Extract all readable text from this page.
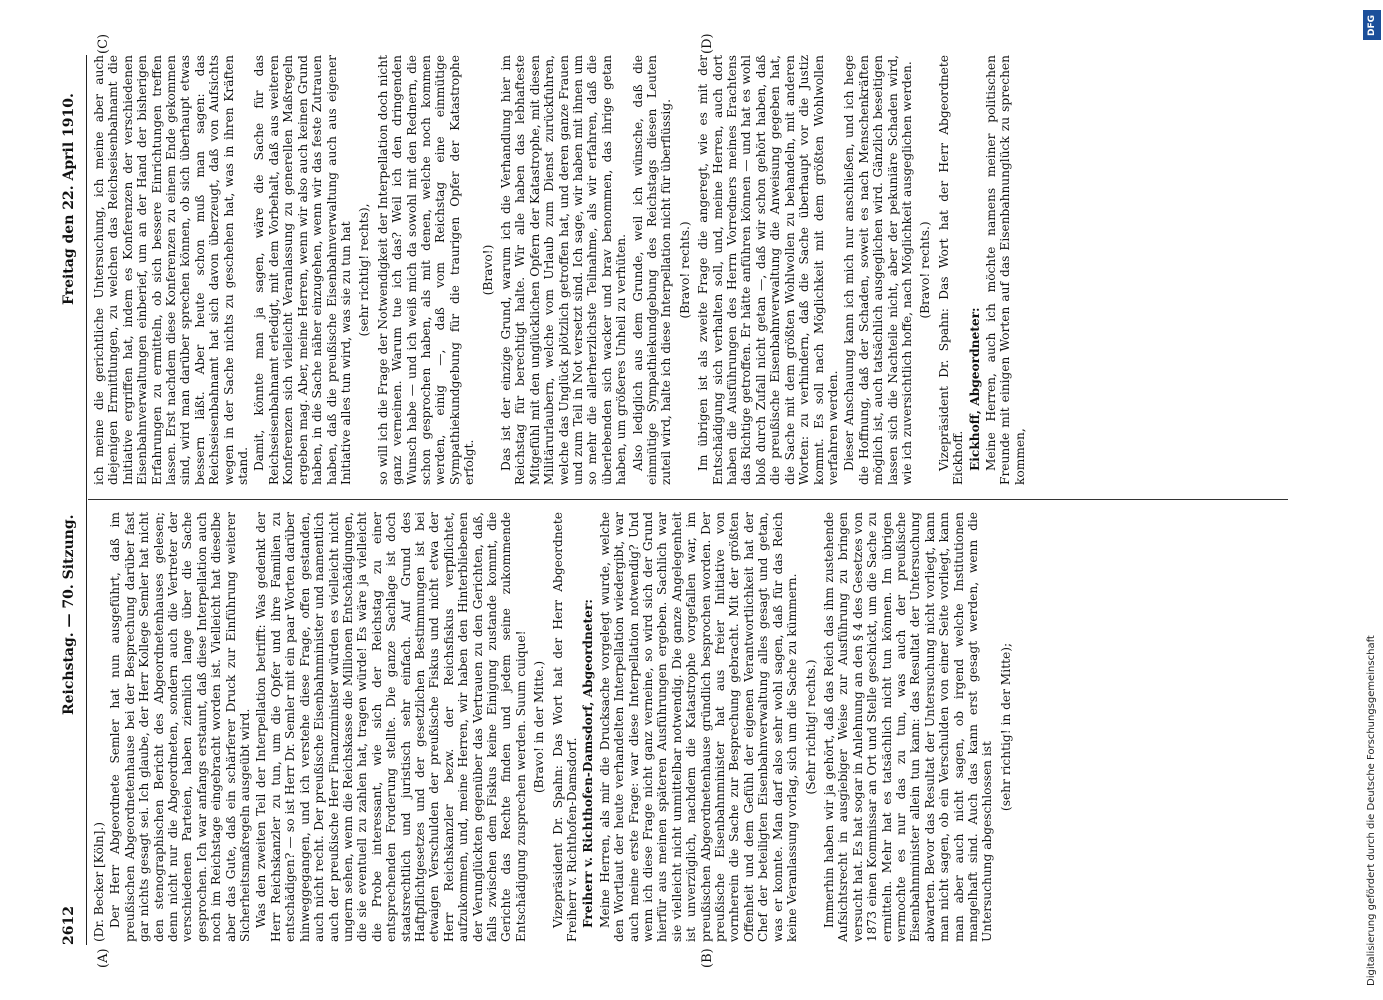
2612
Reichstag. — 70. Sitzung.
Freitag den 22. April 1910.
(A)	(B)
(C)	(D)

(Dr. Becker [Köln].) Der Herr Abgeordnete Semler hat nun ausgeführt, daß im preußischen Abgeordnetenhause bei der Besprechung darüber fast gar nichts gesagt sei. Ich glaube, der Herr Kollege Semler hat nicht den stenographischen Bericht des Abgeordnetenhauses gelesen; denn nicht nur die Abgeordneten, sondern auch die Vertreter der verschiedenen Parteien, haben ziemlich lange über die Sache gesprochen. Ich war anfangs erstaunt, daß diese Interpellation auch noch im Reichstage eingebracht worden ist. Vielleicht hat dieselbe aber das Gute, daß ein schärferer Druck zur Einführung weiterer Sicherheitsmaßregeln ausgeübt wird. Was den zweiten Teil der Interpellation betrifft: Was gedenkt der Herr Reichskanzler zu tun, um die Opfer und ihre Familien zu entschädigen? — so ist Herr Dr. Semler mit ein paar Worten darüber hinweggegangen, und ich verstehe diese Frage, offen gestanden, auch nicht recht. Der preußische Eisenbahnminister und namentlich auch der preußische Herr Finanzminister würden es vielleicht nicht ungern sehen, wenn die Reichskasse die Millionen Entschädigungen, die sie eventuell zu zahlen hat, tragen würde! Es wäre ja vielleicht die Probe interessant, wie sich der Reichstag zu einer entsprechenden Forderung stellte. Die ganze Sachlage ist doch staatsrechtlich und juristisch sehr einfach. Auf Grund des Haftpflichtgesetzes und der gesetzlichen Bestimmungen ist bei etwaigen Verschulden der preußische Fiskus und nicht etwa der Herr Reichskanzler bezw. der Reichsfiskus verpflichtet, aufzukommen, und, meine Herren, wir haben den Hinterbliebenen der Verunglückten gegenüber das Vertrauen zu den Gerichten, daß, falls zwischen dem Fiskus keine Einigung zustande kommt, die Gerichte das Rechte finden und jedem seine zukommende Entschädigung zusprechen werden. Suum cuique! (Bravo! in der Mitte.) Vizepräsident Dr. Spahn: Das Wort hat der Herr Abgeordnete Freiherr v. Richthofen-Damsdorf. Freiherr v. Richthofen-Damsdorf, Abgeordneter: Meine Herren, als mir die Drucksache vorgelegt wurde, welche den Wortlaut der heute verhandelten Interpellation wiedergibt, war auch meine erste Frage: war diese Interpellation notwendig? Und wenn ich diese Frage nicht ganz verneine, so wird sich der Grund hierfür aus meinen späteren Ausführungen ergeben. Sachlich war sie vielleicht nicht unmittelbar notwendig. Die ganze Angelegenheit ist unverzüglich, nachdem die Katastrophe vorgefallen war, im preußischen Abgeordnetenhause gründlich besprochen worden. Der preußische Eisenbahnminister hat aus freier Initiative von vornherein die Sache zur Besprechung gebracht. Mit der größten Offenheit und dem Gefühl der eigenen Verantwortlichkeit hat der Chef der beteiligten Eisenbahnverwaltung alles gesagt und getan, was er konnte. Man darf also sehr wohl sagen, daß für das Reich keine Veranlassung vorlag, sich um die Sache zu kümmern. (Sehr richtig! rechts.) Immerhin haben wir ja gehört, daß das Reich das ihm zustehende Aufsichtsrecht in ausgiebiger Weise zur Ausführung zu bringen versucht hat. Es hat sogar in Anlehnung an den § 4 des Gesetzes von 1873 einen Kommissar an Ort und Stelle geschickt, um die Sache zu ermitteln. Mehr hat es tatsächlich nicht tun können. Im übrigen vermochte es nur das zu tun, was auch der preußische Eisenbahnminister allein tun kann: das Resultat der Untersuchung abwarten. Bevor das Resultat der Untersuchung nicht vorliegt, kann man nicht sagen, ob ein Verschulden von einer Seite vorliegt, kann man aber auch nicht sagen, ob irgend welche Institutionen mangelhaft sind. Auch das kann erst gesagt werden, wenn die Untersuchung abgeschlossen ist

(sehr richtig! in der Mitte);

ich meine die gerichtliche Untersuchung, ich meine aber auch diejenigen Ermittlungen, zu welchen das Reichseisenbahnamt die Initiative ergriffen hat, indem es Konferenzen der verschiedenen Eisenbahnverwaltungen einberief, um an der Hand der bisherigen Erfahrungen zu ermitteln, ob sich bessere Einrichtungen treffen lassen. Erst nachdem diese Konferenzen zu einem Ende gekommen sind, wird man darüber sprechen können, ob sich überhaupt etwas bessern läßt. Aber heute schon muß man sagen: das Reichseisenbahnamt hat sich davon überzeugt, daß von Aufsichts wegen in der Sache nichts zu geschehen hat, was in ihren Kräften stand. Damit, könnte man ja sagen, wäre die Sache für das Reichseisenbahnamt erledigt, mit dem Vorbehalt, daß aus weiteren Konferenzen sich vielleicht Veranlassung zu generellen Maßregeln ergeben mag. Aber, meine Herren, wenn wir also auch keinen Grund haben, in die Sache näher einzugehen, wenn wir das feste Zutrauen haben, daß die preußische Eisenbahnverwaltung auch aus eigener Initiative alles tun wird, was sie zu tun hat (sehr richtig! rechts), so will ich die Frage der Notwendigkeit der Interpellation doch nicht ganz verneinen. Warum tue ich das? Weil ich den dringenden Wunsch habe — und ich weiß mich da sowohl mit den Rednern, die schon gesprochen haben, als mit denen, welche noch kommen werden, einig —, daß vom Reichstag eine einmütige Sympathiekundgebung für die traurigen Opfer der Katastrophe erfolgt.

(Bravo!) Das ist der einzige Grund, warum ich die Verhandlung hier im Reichstag für berechtigt halte. Wir alle haben das lebhafteste Mitgefühl mit den unglücklichen Opfern der Katastrophe, mit diesen Militärurlaubern, welche vom Urlaub zum Dienst zurückfuhren, welche das Unglück plötzlich getroffen hat, und deren ganze Frauen und zum Teil in Not versetzt sind. Ich sage, wir haben mit ihnen um so mehr die allerherzlichste Teilnahme, als wir erfahren, daß die überlebenden sich wacker und brav benommen, das ihrige getan haben, um größeres Unheil zu verhüten. Also lediglich aus dem Grunde, weil ich wünsche, daß die einmütige Sympathiekundgebung des Reichstags diesen Leuten zuteil wird, halte ich diese Interpellation nicht für überflüssig. (Bravo! rechts.) Im übrigen ist als zweite Frage die angeregt, wie es mit der Entschädigung sich verhalten soll, und, meine Herren, auch dort haben die Ausführungen des Herrn Vorredners meines Erachtens das Richtige getroffen. Er hätte anführen können — und hat es wohl bloß durch Zufall nicht getan —, daß wir schon gehört haben, daß die preußische Eisenbahnverwaltung die Anweisung gegeben hat, die Sache mit dem größten Wohlwollen zu behandeln, mit anderen Worten: zu verhindern, daß die Sache überhaupt vor die Justiz kommt. Es soll nach Möglichkeit mit dem größten Wohlwollen verfahren werden. Dieser Anschauung kann ich mich nur anschließen, und ich hege die Hoffnung, daß der Schaden, soweit es nach Menschenkräften möglich ist, auch tatsächlich ausgeglichen wird. Gänzlich beseitigen lassen sich die Nachteile nicht, aber der pekuniäre Schaden wird, wie ich zuversichtlich hoffe, nach Möglichkeit ausgeglichen werden. (Bravo! rechts.) Vizepräsident Dr. Spahn: Das Wort hat der Herr Abgeordnete Eickhoff. Eickhoff, Abgeordneter: Meine Herren, auch ich möchte namens meiner politischen Freunde mit einigen Worten auf das Eisenbahnunglück zu sprechen kommen,

DFG
Digitalisierung gefördert durch die Deutsche Forschungsgemeinschaft
